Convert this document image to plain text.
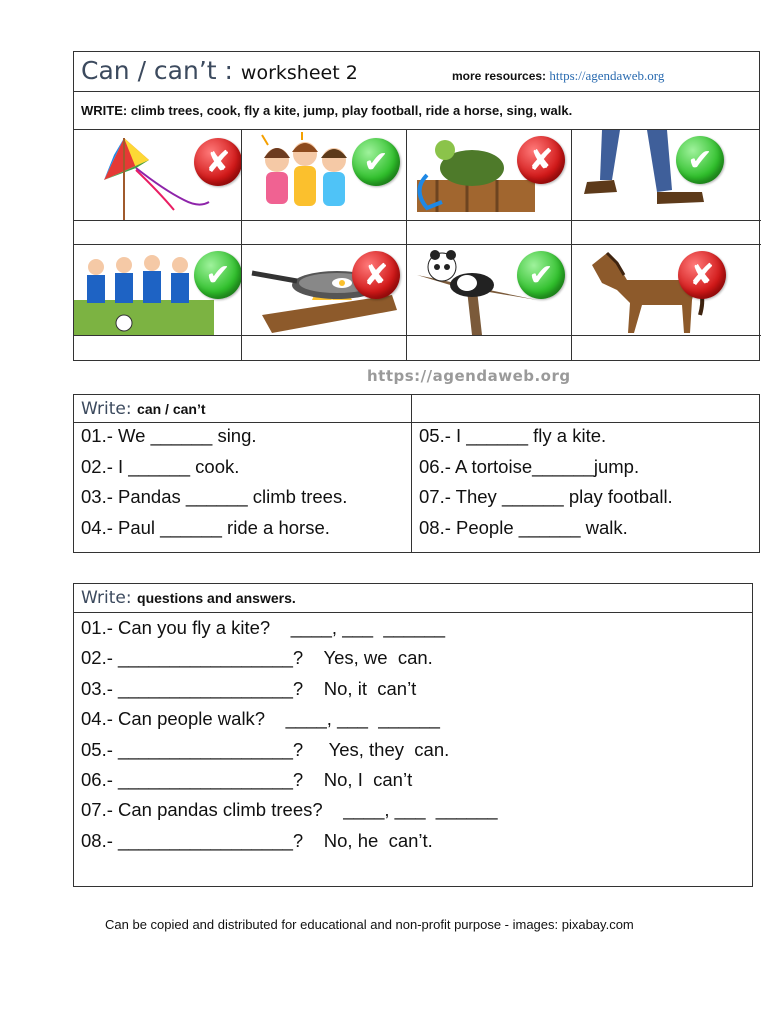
Can / can’t : worksheet 2	more resources: https://agendaweb.org
WRITE: climb trees, cook, fly a kite, jump, play football, ride a horse, sing, walk.
✘	✔	✘	✔
✔	✘	✔	✘
https://agendaweb.org
Write: can / can’t
01.- We ______ sing.
02.- I ______ cook.
03.- Pandas ______ climb trees.
04.- Paul ______ ride a horse.
05.- I ______ fly a kite.
06.- A tortoise______jump.
07.- They ______ play football.
08.- People ______ walk.
Write: questions and answers.
01.- Can you fly a kite?    ____, ___  ______
02.- _________________?    Yes, we  can.
03.- _________________?    No, it  can’t
04.- Can people walk?    ____, ___  ______
05.- _________________?     Yes, they  can.
06.- _________________?    No, I  can’t
07.- Can pandas climb trees?    ____, ___  ______
08.- _________________?    No, he  can’t.
Can be copied and distributed for educational and non-profit purpose - images: pixabay.com
